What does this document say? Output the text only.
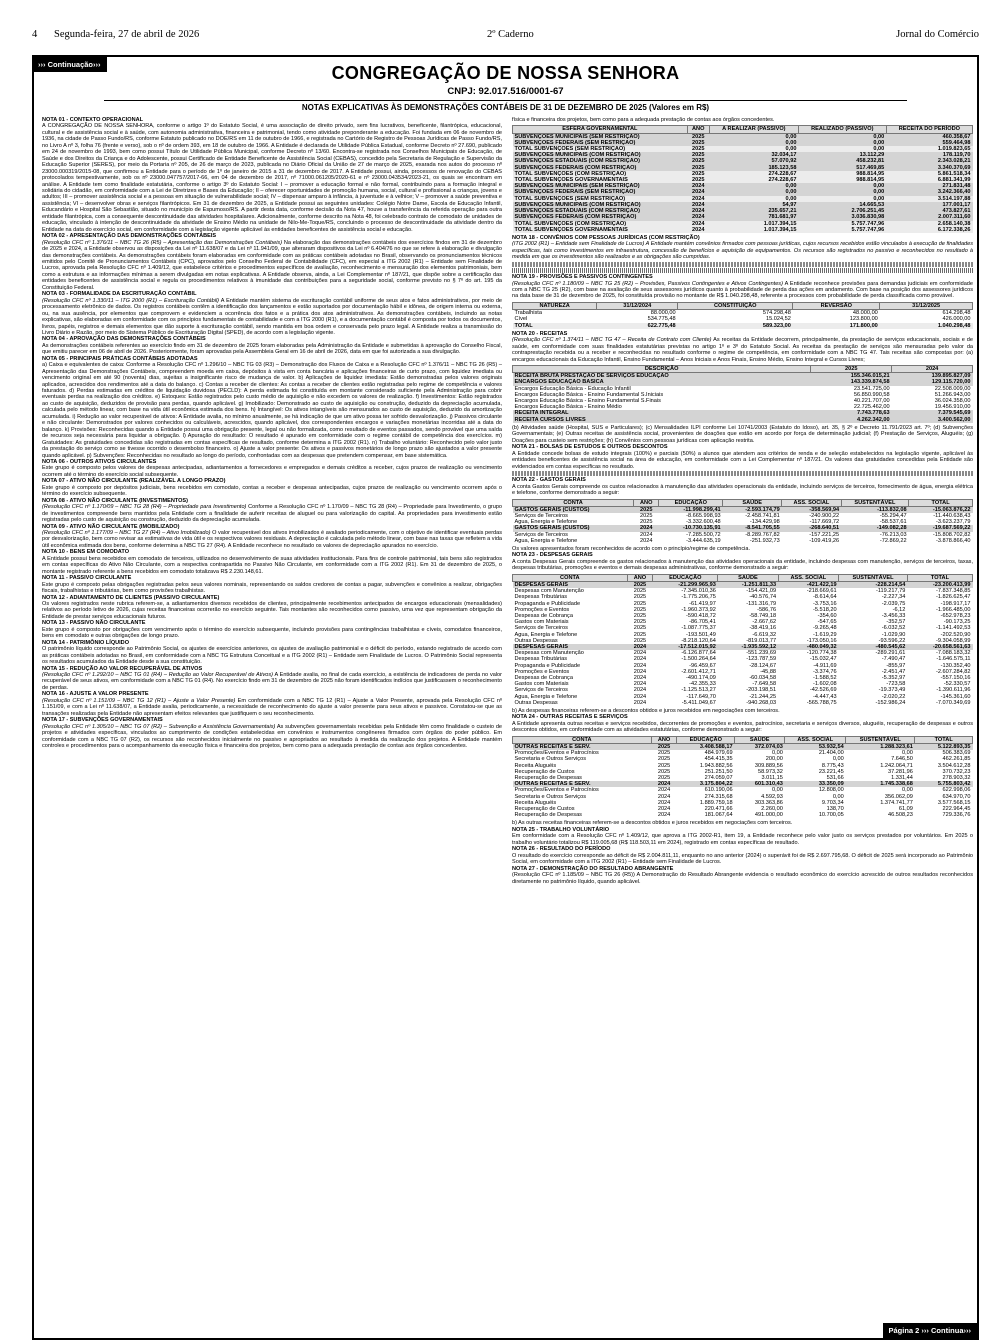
4 Segunda-feira, 27 de abril de 2026	2º Caderno	Jornal do Comércio
››› Continuação›››	CONGREGAÇÃO DE NOSSA SENHORA
CNPJ: 92.017.516/0001-67
NOTAS EXPLICATIVAS ÀS DEMONSTRAÇÕES CONTÁBEIS DE 31 DE DEZEMBRO DE 2025 (Valores em R$)

NOTA 01 - CONTEXTO OPERACIONAL
A CONGREGAÇÃO DE NOSSA SENHORA, conforme o artigo 1º do Estatuto Social, é uma associação de direito privado, sem fins lucrativos, beneficente, filantrópica, educacional, cultural e de assistência social e à saúde, com autonomia administrativa, financeira e patrimonial, tendo como atividade preponderante a educação. Foi fundada em 06 de novembro de 1936, na cidade de Passo Fundo/RS, conforme Estatuto publicado no DOE/RS em 11 de outubro de 1966, e registrada no Cartório de Registro de Pessoas Jurídicas de Passo Fundo/RS, no Livro A nº 3, folha 76 (frente e verso), sob o nº de ordem 393, em 18 de outubro de 1966. A Entidade é declarada de Utilidade Pública Estadual, conforme Decreto nº 27.690, publicado em 24 de novembro de 1993, bem como possui Título de Utilidade Pública Municipal, conforme Decreto nº 13/60. Encontra-se registrada nos Conselhos Municipais de Educação, de Saúde e dos Direitos da Criança e do Adolescente, possui Certificado de Entidade Beneficente de Assistência Social (CEBAS), concedido pela Secretaria de Regulação e Supervisão da Educação Superior (SERES), por meio da Portaria nº 205, de 26 de março de 2023, publicada no Diário Oficial da União de 27 de março de 2025, exarada nos autos do processo nº 23000.000319/2015-08, que confirmou a Entidade para o período de 1º de janeiro de 2015 a 31 de dezembro de 2017. A Entidade possui, ainda, processos de renovação do CEBAS protocolados tempestivamente, sob os nº 23000.047757/2017-66, em 04 de dezembro de 2017, nº 71000.061205/2020-61 e nº 23000.043534/2023-21, os quais se encontram em análise. A Entidade tem como finalidade estatutária, conforme o artigo 3º do Estatuto Social: I – promover a educação formal e não formal, contribuindo para a formação integral e solidária do cidadão, em conformidade com a Lei de Diretrizes e Bases da Educação; II – oferecer oportunidades de promoção humana, social, cultural e profissional a crianças, jovens e adultos; III – promover assistência social e a pessoas em situação de vulnerabilidade social; IV – dispensar amparo à infância, à juventude e à velhice; V – promover a saúde preventiva e assistência; VI – desenvolver obras e serviços filantrópicos. Em 31 de dezembro de 2025, a Entidade possui as seguintes unidades: Colégio Notre Dame, Escola de Educação Infantil, Educandário e Hospital São Sebastião, situado no município de Espumoso/RS. A partir desta data, conforme decisão da Nota 47, houve a transferência da referida operação para outra entidade filantrópica, com a consequente descontinuidade das atividades hospitalares. Adicionalmente, conforme descrito na Nota 48, foi celebrado contrato de comodato de unidades de educação, vinculado à intenção de descontinuidade da atividade de Ensino Médio na unidade de Nilo-Me-Toque/RS, concluindo o processo de descontinuidade da atividade dentro da Entidade na data do exercício social, em conformidade com a legislação vigente aplicável às entidades beneficentes de assistência social e educação.

NOTA 02 - APRESENTAÇÃO DAS DEMONSTRAÇÕES CONTÁBEIS
(Resolução CFC nº 1.376/11 – NBC TG 26 (R5) – Apresentação das Demonstrações Contábeis) Na elaboração das demonstrações contábeis dos exercícios findos em 31 de dezembro de 2025 e 2024, a Entidade observou as disposições da Lei nº 11.638/07 e da Lei nº 11.941/09, que alteraram dispositivos da Lei nº 6.404/76 no que se refere à elaboração e divulgação das demonstrações contábeis. As demonstrações contábeis foram elaboradas em conformidade com as práticas contábeis adotadas no Brasil, observando os pronunciamentos técnicos emitidos pelo Comitê de Pronunciamentos Contábeis (CPC), aprovados pelo Conselho Federal de Contabilidade (CFC), em especial a ITG 2002 (R1) – Entidade sem Finalidade de Lucros, aprovada pela Resolução CFC nº 1.409/12, que estabelece critérios e procedimentos específicos de avaliação, reconhecimento e mensuração dos elementos patrimoniais, bem como a estrutura e as informações mínimas a serem divulgadas em notas explicativas. A Entidade observa, ainda, a Lei Complementar nº 187/21, que dispõe sobre a certificação das entidades beneficentes de assistência social e regula os procedimentos relativos à imunidade das contribuições para a seguridade social, conforme previsto no § 7º do art. 195 da Constituição Federal.

NOTA 03 - FORMALIDADE DA ESCRITURAÇÃO CONTÁBIL
(Resolução CFC nº 1.330/11 – ITG 2000 (R1) – Escrituração Contábil) A Entidade mantém sistema de escrituração contábil uniforme de seus atos e fatos administrativos, por meio de processamento eletrônico de dados. Os registros contábeis contêm a identificação dos lançamentos e estão suportados por documentação hábil e idônea, de origem interna ou externa, ou, na sua ausência, por elementos que comprovem e evidenciem a ocorrência dos fatos e a prática dos atos administrativos. As demonstrações contábeis, incluindo as notas explicativas, são elaboradas em conformidade com os princípios fundamentais de contabilidade e com a ITG 2000 (R1), e a documentação contábil é composta por todos os documentos, livros, papéis, registros e demais elementos que dão suporte à escrituração contábil, sendo mantida em boa ordem e conservada pelo prazo legal. A Entidade realiza a transmissão do Livro Diário e Razão, por meio do Sistema Público de Escrituração Digital (SPED), de acordo com a legislação vigente.

NOTA 04 - APROVAÇÃO DAS DEMONSTRAÇÕES CONTÁBEIS
As demonstrações contábeis referentes ao exercício findo em 31 de dezembro de 2025 foram elaboradas pela Administração da Entidade e submetidas à aprovação do Conselho Fiscal, que emitiu parecer em 06 de abril de 2026. Posteriormente, foram aprovadas pela Assembleia Geral em 16 de abril de 2026, data em que foi autorizada a sua divulgação.

NOTA 05 - PRINCIPAIS PRÁTICAS CONTÁBEIS ADOTADAS
a) Caixa e equivalentes de caixa: Conforme a Resolução CFC nº 1.296/10 – NBC TG 03 (R3) – Demonstração dos Fluxos de Caixa e a Resolução CFC nº 1.376/11 – NBC TG 26 (R5) – Apresentação das Demonstrações Contábeis, compreendem moeda em caixa, depósitos à vista em conta bancária e aplicações financeiras de curto prazo, com liquidez imediata ou vencimento original em até 90 (noventa) dias, sujeitas a insignificante risco de mudança de valor. b) Aplicações de liquidez imediata: Estão demonstradas pelos valores originais aplicados, acrescidos dos rendimentos até a data do balanço. c) Contas a receber de clientes: As contas a receber de clientes estão registradas pelo regime de competência e valores faturados. d) Perdas estimadas em créditos de liquidação duvidosa (PECLD): A perda estimada foi constituída em montante considerado suficiente pela Administração para cobrir eventuais perdas na realização dos créditos. e) Estoques: Estão registrados pelo custo médio de aquisição e não excedem os valores de realização. f) Investimentos: Estão registrados ao custo de aquisição, deduzidos de provisão para perdas, quando aplicável. g) Imobilizado: Demonstrado ao custo de aquisição ou construção, deduzido da depreciação acumulada, calculada pelo método linear, com base na vida útil econômica estimada dos bens. h) Intangível: Os ativos intangíveis são mensurados ao custo de aquisição, deduzido da amortização acumulada. i) Redução ao valor recuperável de ativos: A Entidade avalia, no mínimo anualmente, se há indicação de que um ativo possa ter sofrido desvalorização. j) Passivos circulante e não circulante: Demonstrados por valores conhecidos ou calculáveis, acrescidos, quando aplicável, dos correspondentes encargos e variações monetárias incorridas até a data do balanço. k) Provisões: Reconhecidas quando a Entidade possui uma obrigação presente, legal ou não formalizada, como resultado de eventos passados, sendo provável que uma saída de recursos seja necessária para liquidar a obrigação. l) Apuração do resultado: O resultado é apurado em conformidade com o regime contábil de competência dos exercícios. m) Gratuidades: As gratuidades concedidas são registradas em contas específicas de resultado, conforme determina a ITG 2002 (R1). n) Trabalho voluntário: Reconhecido pelo valor justo da prestação do serviço como se tivesse ocorrido o desembolso financeiro. o) Ajuste a valor presente: Os ativos e passivos monetários de longo prazo são ajustados a valor presente quando aplicável. p) Subvenções: Reconhecidas no resultado ao longo do período, confrontadas com as despesas que pretendem compensar, em base sistemática.

NOTA 06 - OUTROS ATIVOS CIRCULANTES
Este grupo é composto pelos valores de despesas antecipadas, adiantamentos a fornecedores e empregados e demais créditos a receber, cujos prazos de realização ou vencimento ocorrem até o término do exercício social subsequente.

NOTA 07 - ATIVO NÃO CIRCULANTE (REALIZÁVEL A LONGO PRAZO)
Este grupo é composto por depósitos judiciais, bens recebidos em comodato, contas a receber e despesas antecipadas, cujos prazos de realização ou vencimento ocorrem após o término do exercício subsequente.

NOTA 08 - ATIVO NÃO CIRCULANTE (INVESTIMENTOS)
(Resolução CFC nº 1.170/09 – NBC TG 28 (R4) – Propriedade para Investimento) Conforme a Resolução CFC nº 1.170/09 – NBC TG 28 (R4) – Propriedade para Investimento, o grupo de investimentos compreende bens mantidos pela Entidade com a finalidade de auferir receitas de aluguel ou para valorização do capital. As propriedades para investimento estão registradas pelo custo de aquisição ou construção, deduzido da depreciação acumulada.

NOTA 09 - ATIVO NÃO CIRCULANTE (IMOBILIZADO)
(Resolução CFC nº 1.177/09 – NBC TG 27 (R4) – Ativo Imobilizado) O valor recuperável dos ativos imobilizados é avaliado periodicamente, com o objetivo de identificar eventuais perdas por desvalorização, bem como revisar as estimativas de vida útil e os respectivos valores residuais. A depreciação é calculada pelo método linear, com base nas taxas que refletem a vida útil econômica estimada dos bens, conforme determina a NBC TG 27 (R4). A Entidade reconhece no resultado os valores de depreciação apurados no exercício.

NOTA 10 - BENS EM COMODATO
A Entidade possui bens recebidos em comodato de terceiros, utilizados no desenvolvimento de suas atividades institucionais. Para fins de controle patrimonial, tais bens são registrados em contas específicas do Ativo Não Circulante, com a respectiva contrapartida no Passivo Não Circulante, em conformidade com a ITG 2002 (R1). Em 31 de dezembro de 2025, o montante registrado referente a bens recebidos em comodato totalizava R$ 2.230.148,61.

NOTA 11 - PASSIVO CIRCULANTE
Este grupo é composto pelas obrigações registradas pelos seus valores nominais, representando os saldos credores de contas a pagar, subvenções e convênios a realizar, obrigações fiscais, trabalhistas e tributárias, bem como provisões trabalhistas.

NOTA 12 - ADIANTAMENTO DE CLIENTES (PASSIVO CIRCULANTE)
Os valores registrados neste rubrica referem-se, a adiantamentos diversos recebidos de clientes, principalmente recebimentos antecipados de encargos educacionais (mensalidades) relativos ao período letivo de 2026, cujas receitas financeiras ocorrerão no exercício seguinte. Tais montantes são reconhecidos como passivo, uma vez que representam obrigação da Entidade de prestar serviços educacionais futuros.

NOTA 13 - PASSIVO NÃO CIRCULANTE
Este grupo é composto por obrigações com vencimento após o término do exercício subsequente, incluindo provisões para contingências trabalhistas e cíveis, comodatos financeiros, bens em comodato e outras obrigações de longo prazo.

NOTA 14 - PATRIMÔNIO LÍQUIDO
O patrimônio líquido corresponde ao Patrimônio Social, os ajustes de exercícios anteriores, os ajustes de avaliação patrimonial e o déficit do período, estando registrado de acordo com as práticas contábeis adotadas no Brasil, em conformidade com a NBC TG Estrutura Conceitual e a ITG 2002 (R1) – Entidade sem Finalidade de Lucros. O Patrimônio Social representa os resultados acumulados da Entidade desde a sua constituição.

NOTA 15 - REDUÇÃO AO VALOR RECUPERÁVEL DE ATIVOS
(Resolução CFC nº 1.292/10 – NBC TG 01 (R4) – Redução ao Valor Recuperável de Ativos) A Entidade avalia, no final de cada exercício, a existência de indicadores de perda no valor recuperável de seus ativos, em conformidade com a NBC TG 01 (R4). No exercício findo em 31 de dezembro de 2025 não foram identificados indícios que justificassem o reconhecimento de perdas.

NOTA 16 - AJUSTE A VALOR PRESENTE
(Resolução CFC nº 1.151/09 – NBC TG 12 (R1) – Ajuste a Valor Presente) Em conformidade com a NBC TG 12 (R1) – Ajuste a Valor Presente, aprovada pela Resolução CFC nº 1.151/09, e com a Lei nº 11.638/07, a Entidade avalia, periodicamente, a necessidade de reconhecimento do ajuste a valor presente para seus ativos e passivos. Constatou-se que as transações realizadas pela Entidade não apresentam efeitos relevantes que justifiquem o seu reconhecimento.

NOTA 17 - SUBVENÇÕES GOVERNAMENTAIS
(Resolução CFC nº 1.305/10 – NBC TG 07 (R2) – Subvenção e Assistência Governamentais) As subvenções governamentais recebidas pela Entidade têm como finalidade o custeio de projetos e atividades específicas, vinculados ao cumprimento de condições estabelecidas em convênios e instrumentos congêneres firmados com órgãos do poder público. Em conformidade com a NBC TG 07 (R2), os recursos são reconhecidos inicialmente no passivo e apropriados ao resultado à medida da realização dos projetos. A Entidade mantém controles e procedimentos para o acompanhamento da execução física e financeira dos projetos, bem como para a adequada prestação de contas aos órgãos concedentes.

física e financeira dos projetos, bem como para a adequada prestação de contas aos órgãos concedentes.

ESFERA GOVERNAMENTAL	ANO	A REALIZAR (PASSIVO)	REALIZADO (PASSIVO)	RECEITA DO PERÍODO
SUBVENÇÕES MUNICIPAIS (SEM RESTRIÇÃO)	2025	0,00	0,00	460.358,67
SUBVENÇÕES FEDERAIS (SEM RESTRIÇÃO)	2025	0,00	0,00	559.464,98
TOTAL SUBVENÇÕES (SEM RESTRIÇÃO)	2025	0,00	0,00	1.019.823,65
SUBVENÇÕES MUNICIPAIS (COM RESTRIÇÃO)	2025	32.034,17	13.112,29	178.119,70
SUBVENÇÕES ESTADUAIS (COM RESTRIÇÃO)	2025	57.070,92	458.232,81	2.343.028,21
SUBVENÇÕES FEDERAIS (COM RESTRIÇÃO)	2025	185.123,58	517.469,85	3.340.370,69
TOTAL SUBVENÇÕES (COM RESTRIÇÃO)	2025	274.228,67	988.814,95	5.861.518,34
TOTAL SUBVENÇÕES GOVERNAMENTAIS	2025	274.228,67	988.814,95	6.881.341,99
SUBVENÇÕES MUNICIPAIS (SEM RESTRIÇÃO)	2024	0,00	0,00	271.831,48
SUBVENÇÕES FEDERAIS (SEM RESTRIÇÃO)	2024	0,00	0,00	3.242.366,40
TOTAL SUBVENÇÕES (SEM RESTRIÇÃO)	2024	0,00	0,00	3.514.197,88
SUBVENÇÕES MUNICIPAIS (COM RESTRIÇÃO)	2024	54,97	14.665,53	177.001,17
SUBVENÇÕES ESTADUAIS (COM RESTRIÇÃO)	2024	235.657,21	2.706.251,45	473.827,61
SUBVENÇÕES FEDERAIS (COM RESTRIÇÃO)	2024	781.681,97	3.036.830,98	2.007.311,60
TOTAL SUBVENÇÕES (COM RESTRIÇÃO)	2024	1.017.394,15	5.757.747,96	2.658.140,38
TOTAL SUBVENÇÕES GOVERNAMENTAIS	2024	1.017.394,15	5.757.747,96	6.172.338,26

NOTA 18 - CONVÊNIOS COM PESSOAS JURÍDICAS (COM RESTRIÇÃO)
(ITG 2002 (R1) – Entidade sem Finalidade de Lucros) A Entidade mantém convênios firmados com pessoas jurídicas, cujos recursos recebidos estão vinculados à execução de finalidades específicas, tais como investimentos em infraestrutura, concessão de benefícios e aquisição de equipamentos. Os recursos são registrados no passivo e reconhecidos no resultado à medida em que os investimentos são realizados e as obrigações são cumpridas.

NOTA 19 - PROVISÕES E PASSIVOS CONTINGENTES
(Resolução CFC nº 1.180/09 – NBC TG 25 (R2) – Provisões, Passivos Contingentes e Ativos Contingentes) A Entidade reconhece provisões para demandas judiciais em conformidade com a NBC TG 25 (R2), com base na avaliação de seus assessores jurídicos quanto à probabilidade de perda das ações em andamento. Com base na posição dos assessores jurídicos na data base de 31 de dezembro de 2025, foi constituída provisão no montante de R$ 1.040.298,48, referente a processos com probabilidade de perda classificada como provável.

NATUREZA	31/12/2024	CONSTITUIÇÃO	REVERSÃO	31/12/2025
Trabalhista	88.000,00	574.298,48	48.000,00	614.298,48
Cível	534.775,48	15.024,52	123.800,00	426.000,00
TOTAL	622.775,48	589.323,00	171.800,00	1.040.298,48

NOTA 20 - RECEITAS
(Resolução CFC nº 1.374/11 – NBC TG 47 – Receita de Contrato com Cliente) As receitas da Entidade decorrem, principalmente, da prestação de serviços educacionais, sociais e de saúde, em conformidade com suas finalidades estatutárias previstas no artigo 1º e 3º do Estatuto Social. As receitas da prestação de serviços são mensuradas pelo valor da contraprestação recebida ou a receber e reconhecidas no resultado conforme o regime de competência, em conformidade com a NBC TG 47. Tais receitas são compostas por: (a) encargos educacionais da Educação Infantil, Ensino Fundamental – Anos Iniciais e Anos Finais, Ensino Médio, Ensino Integral e Cursos Livres;

DESCRIÇÃO	2025	2024
RECEITA BRUTA PRESTAÇÃO DE SERVIÇOS EDUCAÇÃO	155.346.015,21	139.895.827,09
ENCARGOS EDUCAÇÃO BÁSICA	143.339.874,58	129.115.720,00
Encargos Educação Básica - Educação Infantil	23.541.725,00	22.508.009,00
Encargos Educação Básica - Ensino Fundamental S.Iniciais	56.850.990,58	51.266.943,00
Encargos Educação Básica - Ensino Fundamental S.Finais	40.221.707,00	36.024.358,00
Encargos Educação Básica - Ensino Médio	22.725.462,00	19.456.910,00
RECEITA INTEGRAL	7.743.778,63	7.379.545,69
RECEITA CURSOS LIVRES	4.262.342,00	3.400.562,00

(b) Atividades saúde (Hospital, SUS e Particulares); (c) Mensalidades ILPI conforme Lei 10741/2003 (Estatuto do Idoso), art. 35, § 2º e Decreto 11.791/2023 art. 7º; (d) Subvenções Governamentais; (e) Outras receitas de assistência social, provenientes de doações que estão em acordo por força de determinação judicial; (f) Prestação de Serviços, Aluguéis; (g) Doações para custeio sem restrições; (h) Convênios com pessoas jurídicas com aplicação restrita.

NOTA 21 - BOLSAS DE ESTUDOS E OUTROS DESCONTOS
A Entidade concede bolsas de estudo integrais (100%) e parciais (50%) a alunos que atendem aos critérios de renda e de seleção estabelecidos na legislação vigente, aplicável às entidades beneficentes de assistência social na área de educação, em conformidade com a Lei Complementar nº 187/21. Os valores das gratuidades concedidas pela Entidade são evidenciados em contas específicas no resultado.

NOTA 22 - GASTOS GERAIS
A conta Gastos Gerais compreende os custos relacionados à manutenção das atividades operacionais da entidade, incluindo serviços de terceiros, fornecimento de água, energia elétrica e telefone, conforme demonstrado a seguir:

CONTA	ANO	EDUCAÇÃO	SAÚDE	ASS. SOCIAL	SUSTENTÁVEL	TOTAL
GASTOS GERAIS (CUSTOS)	2025	-11.998.299,41	-2.593.174,79	-358.569,94	-113.832,08	-15.063.876,22
Serviços de Terceiros	2025	-8.665.998,93	-2.458.741,81	-240.900,22	-55.294,47	-11.440.638,43
Água, Energia e Telefone	2025	-3.332.600,48	-134.429,98	-117.669,72	-58.537,61	-3.623.237,79
GASTOS GERAIS (CUSTOS)	2024	-10.730.135,91	-8.541.705,55	-268.640,51	-149.082,28	-19.687.569,22
Serviços de Terceiros	2024	-7.285.500,72	-8.289.767,82	-157.221,25	-76.213,03	-15.808.702,82
Água, Energia e Telefone	2024	-3.444.635,19	-251.932,73	-109.419,26	-72.869,22	-3.878.866,40

Os valores apresentados foram reconhecidos de acordo com o princípio/regime de competência.

NOTA 23 - DESPESAS GERAIS
A conta Despesas Gerais compreende os gastos relacionados à manutenção das atividades operacionais da entidade, incluindo despesas com manutenção, serviços de terceiros, taxas, despesas tributárias, promoções e eventos e demais despesas administrativas, conforme demonstrado a seguir:

CONTA	ANO	EDUCAÇÃO	SAÚDE	ASS. SOCIAL	SUSTENTÁVEL	TOTAL
DESPESAS GERAIS	2025	-21.299.965,93	-1.251.811,33	-421.422,19	-228.214,54	-23.200.413,99
Despesas com Manutenção	2025	-7.345.010,36	-154.421,09	-218.669,61	-119.217,79	-7.837.348,85
Despesas Tributárias	2025	-1.775.206,75	-40.576,74	-8.614,64	-2.227,34	-1.826.625,47
Propaganda e Publicidade	2025	-61.419,97	-131.316,79	-3.753,16	-2.039,75	-198.917,17
Promoções e Eventos	2025	-1.960.373,92	-586,76	-5.518,20	-6,12	-1.966.485,00
Despesas de Cobrança	2025	-590.418,72	-58.749,18	-354,60	-3.456,33	-652.978,23
Gastos com Materiais	2025	-86.705,41	-2.667,62	-547,65	-352,57	-90.173,25
Serviços de Terceiros	2025	-1.087.775,37	-38.419,16	-9.265,48	-6.032,52	-1.141.492,53
Água, Energia e Telefone	2025	-193.501,49	-6.619,32	-1.619,29	-1.029,90	-202.520,90
Outras Despesas	2025	-8.218.120,64	-819.013,77	-173.050,16	-93.596,22	-9.304.058,99
DESPESAS GERAIS	2024	-17.512.015,92	-1.935.592,12	-480.049,32	-480.545,62	-20.658.561,63
Despesas com Manutenção	2024	-6.126.877,64	-551.239,69	-120.774,38	-289.291,61	-7.088.183,32
Despesas Tributárias	2024	-1.500.264,64	-123.787,59	-15.032,47	-7.490,47	-1.646.575,11
Propaganda e Publicidade	2024	-96.459,67	-28.124,67	-4.911,69	-855,97	-130.352,40
Promoções e Eventos	2024	-2.601.412,71	-45,88	-3.374,76	-2.451,47	-2.607.284,82
Despesas de Cobrança	2024	-490.174,09	-60.034,58	-1.588,52	-5.352,97	-557.150,16
Gastos com Materiais	2024	-42.355,33	-7.649,58	-1.602,08	-723,58	-52.330,57
Serviços de Terceiros	2024	-1.125.513,27	-203.198,51	-42.526,69	-19.373,49	-1.390.611,96
Água, Energia e Telefone	2024	-117.649,70	-21.244,25	-4.447,43	-2.020,22	-145.361,60
Outras Despesas	2024	-5.411.049,67	-940.268,03	-565.788,75	-152.986,24	-7.070.349,69

b) As despesas financeiras referem-se a descontos obtidos e juros recebidos em negociações com terceiros.

NOTA 24 - OUTRAS RECEITAS E SERVIÇOS
A Entidade apresenta outras receitas e serviços recebidos, decorrentes de promoções e eventos, patrocínios, secretaria e serviços diversos, aluguéis, recuperação de despesas e outros descontos obtidos, em conformidade com as atividades estatutárias, conforme demonstrado a seguir:

CONTA	ANO	EDUCAÇÃO	SAÚDE	ASS. SOCIAL	SUSTENTÁVEL	TOTAL
OUTRAS RECEITAS E SERV.	2025	3.408.588,17	372.074,03	53.932,54	1.288.323,61	5.122.893,35
Promoções/Eventos e Patrocínios	2025	484.979,69	0,00	21.404,00	0,00	506.383,69
Secretaria e Outros Serviços	2025	454.415,35	200,00	0,00	7.646,50	462.261,85
Receita Aluguéis	2025	1.943.882,56	309.889,56	8.775,43	1.242.064,71	3.504.612,28
Recuperação de Custos	2025	251.251,50	58.973,32	23.221,45	37.281,96	370.732,23
Recuperação de Despesas	2025	274.059,07	3.011,15	531,66	1.331,44	278.903,32
OUTRAS RECEITAS E SERV.	2024	3.175.804,22	601.310,43	33.350,09	1.745.338,68	5.755.803,42
Promoções/Eventos e Patrocínios	2024	610.190,06	0,00	12.808,00	0,00	622.998,06
Secretaria e Outros Serviços	2024	274.315,68	4.592,93	0,00	356.062,09	634.970,70
Receita Aluguéis	2024	1.889.759,18	303.363,86	9.703,34	1.374.741,77	3.577.568,15
Recuperação de Custos	2024	220.471,66	2.260,00	138,70	61,09	222.964,45
Recuperação de Despesas	2024	181.067,64	491.000,00	10.700,05	46.508,23	729.336,76

b) As outras receitas financeiras referem-se a descontos obtidos e juros recebidos em negociações com terceiros.

NOTA 25 - TRABALHO VOLUNTÁRIO
Em conformidade com a Resolução CFC nº 1.409/12, que aprova a ITG 2002-R1, item 19, a Entidade reconhece pelo valor justo os serviços prestados por voluntários. Em 2025 o trabalho voluntário totalizou R$ 119.005,68 (R$ 118.503,11 em 2024), registrado em contas específicas de resultado.

NOTA 26 - RESULTADO DO PERÍODO
O resultado do exercício corresponde ao déficit de R$ 2.004.811,11, enquanto no ano anterior (2024) o superávit foi de R$ 2.697.795,68. O déficit de 2025 será incorporado ao Patrimônio Social, em conformidade com a ITG 2002 (R1) – Entidade sem Finalidade de Lucros.

NOTA 27 - DEMONSTRAÇÃO DO RESULTADO ABRANGENTE
(Resolução CFC nº 1.185/09 – NBC TG 26 (R5)) A Demonstração do Resultado Abrangente evidencia o resultado econômico do exercício acrescido de outros resultados reconhecidos diretamente no patrimônio líquido, quando aplicável.

Página 2 ››› Continua›››
